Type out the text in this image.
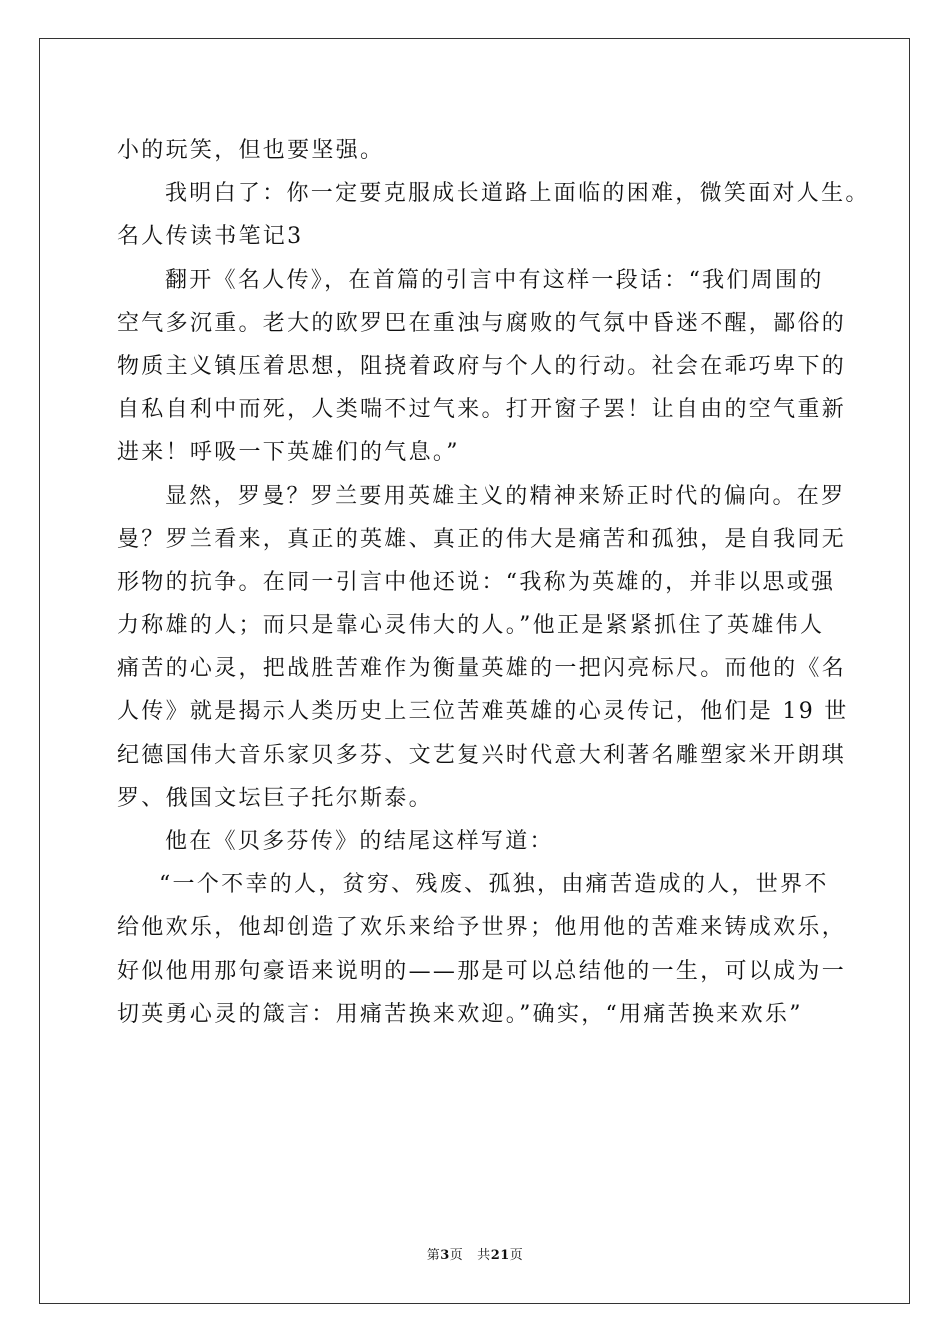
小的玩笑，但也要坚强。
我明白了：你一定要克服成长道路上面临的困难，微笑面对人生。
名人传读书笔记3
翻开《名人传》，在首篇的引言中有这样一段话：“我们周围的
空气多沉重。老大的欧罗巴在重浊与腐败的气氛中昏迷不醒，鄙俗的
物质主义镇压着思想，阻挠着政府与个人的行动。社会在乖巧卑下的
自私自利中而死，人类喘不过气来。打开窗子罢！让自由的空气重新
进来！呼吸一下英雄们的气息。”
显然，罗曼？罗兰要用英雄主义的精神来矫正时代的偏向。在罗
曼？罗兰看来，真正的英雄、真正的伟大是痛苦和孤独，是自我同无
形物的抗争。在同一引言中他还说：“我称为英雄的，并非以思或强
力称雄的人；而只是靠心灵伟大的人。”他正是紧紧抓住了英雄伟人
痛苦的心灵，把战胜苦难作为衡量英雄的一把闪亮标尺。而他的《名
人传》就是揭示人类历史上三位苦难英雄的心灵传记，他们是 19 世
纪德国伟大音乐家贝多芬、文艺复兴时代意大利著名雕塑家米开朗琪
罗、俄国文坛巨子托尔斯泰。
他在《贝多芬传》的结尾这样写道：
“一个不幸的人，贫穷、残废、孤独，由痛苦造成的人，世界不
给他欢乐，他却创造了欢乐来给予世界；他用他的苦难来铸成欢乐，
好似他用那句豪语来说明的——那是可以总结他的一生，可以成为一
切英勇心灵的箴言：用痛苦换来欢迎。”确实，“用痛苦换来欢乐”
第3页 共21页
